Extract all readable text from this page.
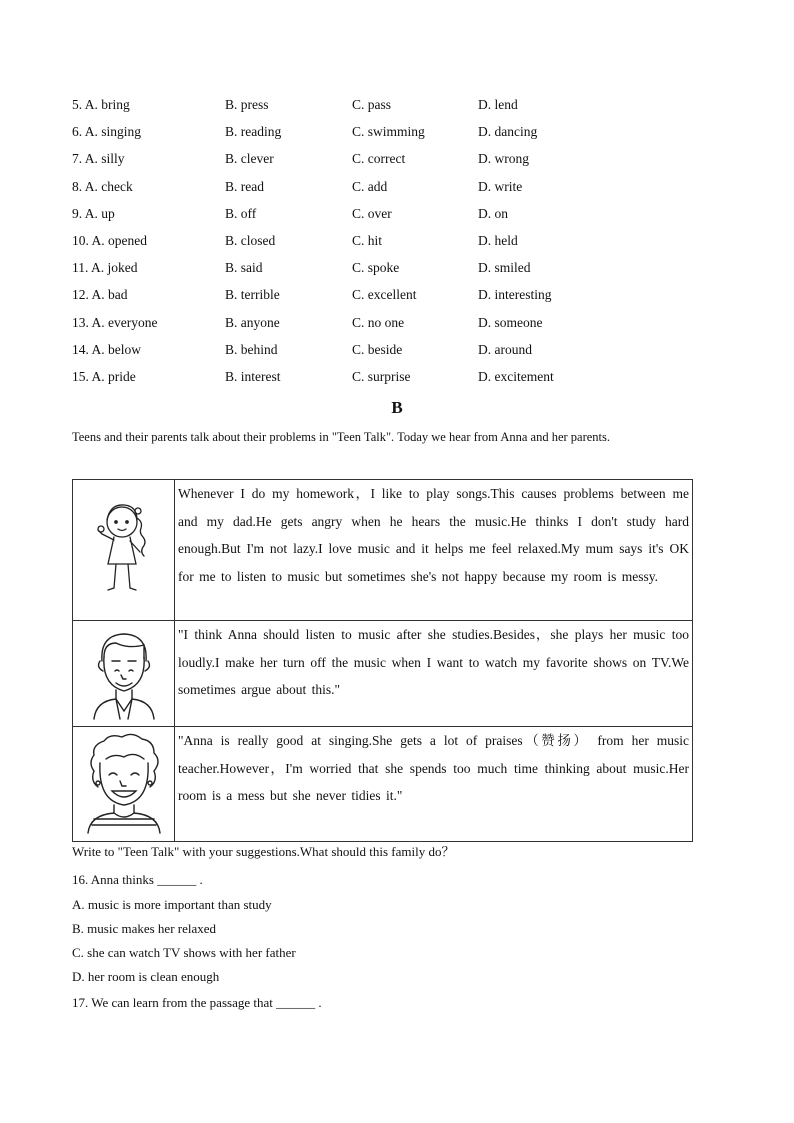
5. A. bring	B. press	C. pass	D. lend
6. A. singing	B. reading	C. swimming	D. dancing
7. A. silly	B. clever	C. correct	D. wrong
8. A. check	B. read	C. add	D. write
9. A. up	B. off	C. over	D. on
10. A. opened	B. closed	C. hit	D. held
11. A. joked	B. said	C. spoke	D. smiled
12. A. bad	B. terrible	C. excellent	D. interesting
13. A. everyone	B. anyone	C. no one	D. someone
14. A. below	B. behind	C. beside	D. around
15. A. pride	B. interest	C. surprise	D. excitement
B
Teens and their parents talk about their problems in "Teen Talk". Today we hear from Anna and her parents.
	Whenever I do my homework，I like to play songs.This causes problems between me and my dad.He gets angry when he hears the music.He thinks I don't study hard enough.But I'm not lazy.I love music and it helps me feel relaxed.My mum says it's OK for me to listen to music but sometimes she's not happy because my room is messy.

	"I think Anna should listen to music after she studies.Besides，she plays her music too loudly.I make her turn off the music when I want to watch my favorite shows on TV.We sometimes argue about this."

	"Anna is really good at singing.She gets a lot of praises（赞扬） from her music teacher.However，I'm worried that she spends too much time thinking about music.Her room is a mess but she never tidies it."
Write to "Teen Talk" with your suggestions.What should this family do？
16. Anna thinks ______ .
A. music is more important than study
B. music makes her relaxed
C. she can watch TV shows with her father
D. her room is clean enough
17. We can learn from the passage that ______ .
